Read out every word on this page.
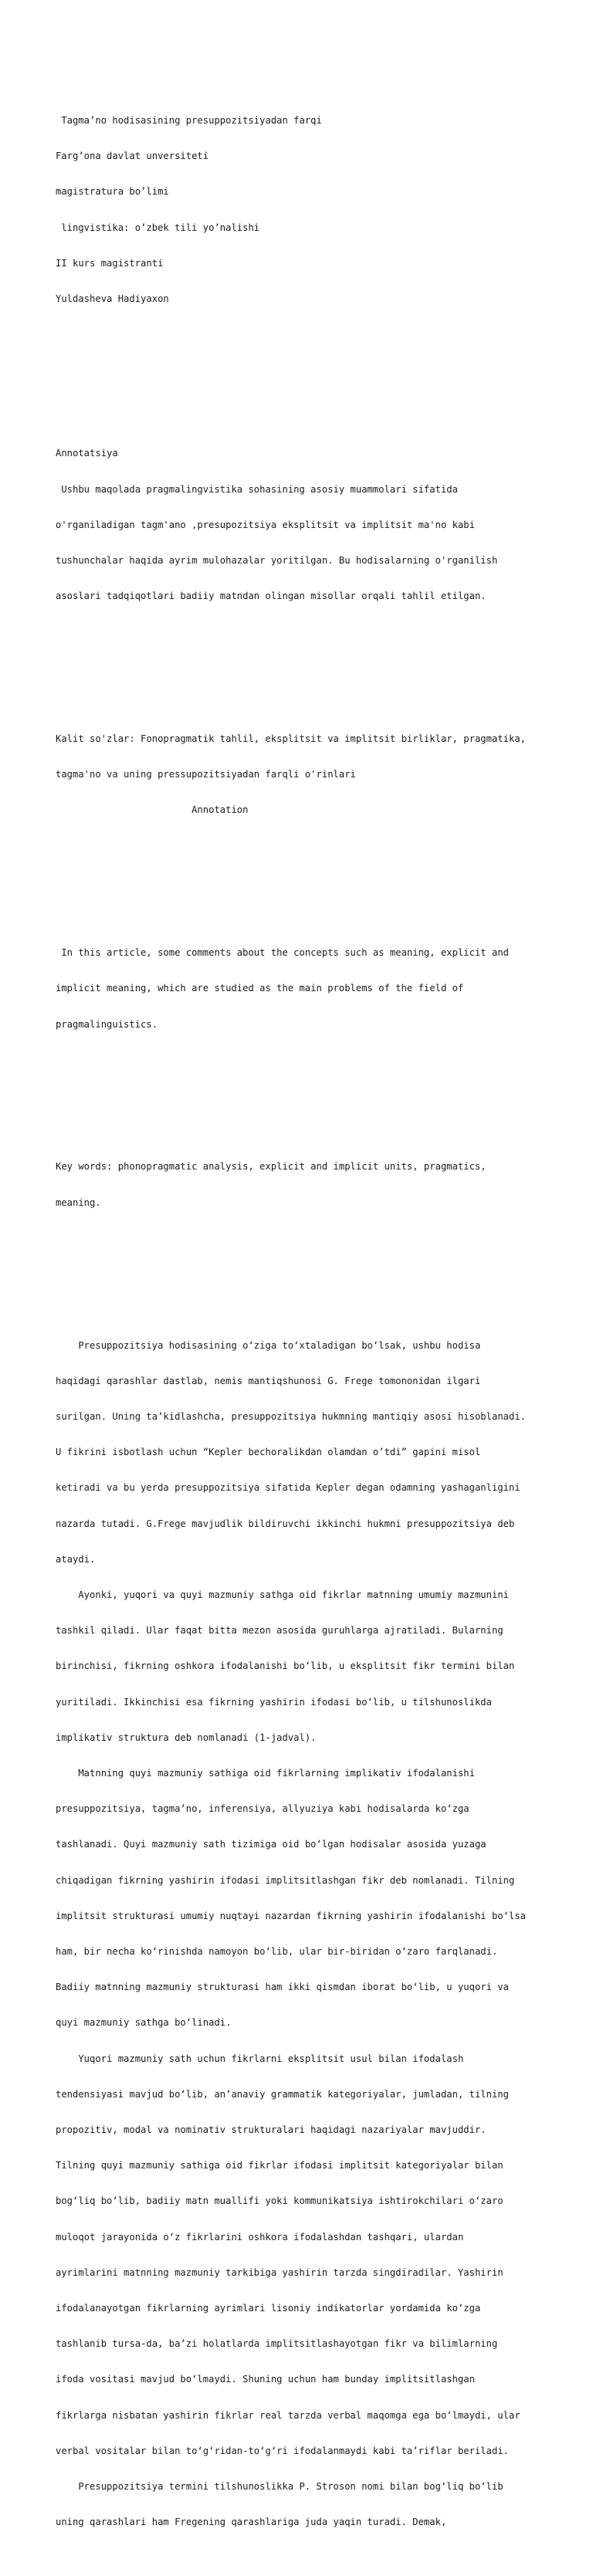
Tagma’no hodisasining presuppozitsiyadan farqi

Farg’ona davlat unversiteti

magistratura bo’limi

lingvistika: o’zbek tili yo’nalishi

II kurs magistranti

Yuldasheva Hadiyaxon

Annotatsiya

Ushbu maqolada pragmalingvistika sohasining asosiy muammolari sifatida

o'rganiladigan tagm'ano ,presupozitsiya eksplitsit va implitsit ma'no kabi

tushunchalar haqida ayrim mulohazalar yoritilgan. Bu hodisalarning o'rganilish

asoslari tadqiqotlari badiiy matndan olingan misollar orqali tahlil etilgan.

Kalit so'zlar: Fonopragmatik tahlil, eksplitsit va implitsit birliklar, pragmatika,

tagma'no va uning pressupozitsiyadan farqli o'rinlari

Annotation

In this article, some comments about the concepts such as meaning, explicit and

implicit meaning, which are studied as the main problems of the field of

pragmalinguistics.

Key words: phonopragmatic analysis, explicit and implicit units, pragmatics,

meaning.

Presuppozitsiya hodisasining o‘ziga to‘xtaladigan bo‘lsak, ushbu hodisa

haqidagi qarashlar dastlab, nemis mantiqshunosi G. Frege tomononidan ilgari

surilgan. Uning ta’kidlashcha, presuppozitsiya hukmning mantiqiy asosi hisoblanadi.

U fikrini isbotlash uchun “Kepler bechoralikdan olamdan o’tdi” gapini misol

ketiradi va bu yerda presuppozitsiya sifatida Kepler degan odamning yashaganligini

nazarda tutadi. G.Frege mavjudlik bildiruvchi ikkinchi hukmni presuppozitsiya deb

ataydi.

Ayonki, yuqori va quyi mazmuniy sathga oid fikrlar matnning umumiy mazmunini

tashkil qiladi. Ular faqat bitta mezon asosida guruhlarga ajratiladi. Bularning

birinchisi, fikrning oshkora ifodalanishi bo‘lib, u eksplitsit fikr termini bilan

yuritiladi. Ikkinchisi esa fikrning yashirin ifodasi bo‘lib, u tilshunoslikda

implikativ struktura deb nomlanadi (1-jadval).

Matnning quyi mazmuniy sathiga oid fikrlarning implikativ ifodalanishi

presuppozitsiya, tagma’no, inferensiya, allyuziya kabi hodisalarda ko‘zga

tashlanadi. Quyi mazmuniy sath tizimiga oid bo‘lgan hodisalar asosida yuzaga

chiqadigan fikrning yashirin ifodasi implitsitlashgan fikr deb nomlanadi. Tilning

implitsit strukturasi umumiy nuqtayi nazardan fikrning yashirin ifodalanishi bo‘lsa

ham, bir necha ko‘rinishda namoyon bo‘lib, ular bir-biridan o‘zaro farqlanadi.

Badiiy matnning mazmuniy strukturasi ham ikki qismdan iborat bo‘lib, u yuqori va

quyi mazmuniy sathga bo‘linadi.

Yuqori mazmuniy sath uchun fikrlarni eksplitsit usul bilan ifodalash

tendensiyasi mavjud bo‘lib, an’anaviy grammatik kategoriyalar, jumladan, tilning

propozitiv, modal va nominativ strukturalari haqidagi nazariyalar mavjuddir.

Tilning quyi mazmuniy sathiga oid fikrlar ifodasi implitsit kategoriyalar bilan

bog‘liq bo‘lib, badiiy matn muallifi yoki kommunikatsiya ishtirokchilari o‘zaro

muloqot jarayonida o‘z fikrlarini oshkora ifodalashdan tashqari, ulardan

ayrimlarini matnning mazmuniy tarkibiga yashirin tarzda singdiradilar. Yashirin

ifodalanayotgan fikrlarning ayrimlari lisoniy indikatorlar yordamida ko‘zga

tashlanib tursa-da, ba’zi holatlarda implitsitlashayotgan fikr va bilimlarning

ifoda vositasi mavjud bo‘lmaydi. Shuning uchun ham bunday implitsitlashgan

fikrlarga nisbatan yashirin fikrlar real tarzda verbal maqomga ega bo‘lmaydi, ular

verbal vositalar bilan to‘g‘ridan-to‘g‘ri ifodalanmaydi kabi ta’riflar beriladi.

Presuppozitsiya termini tilshunoslikka P. Stroson nomi bilan bog‘liq bo‘lib

uning qarashlari ham Fregening qarashlariga juda yaqin turadi. Demak,
